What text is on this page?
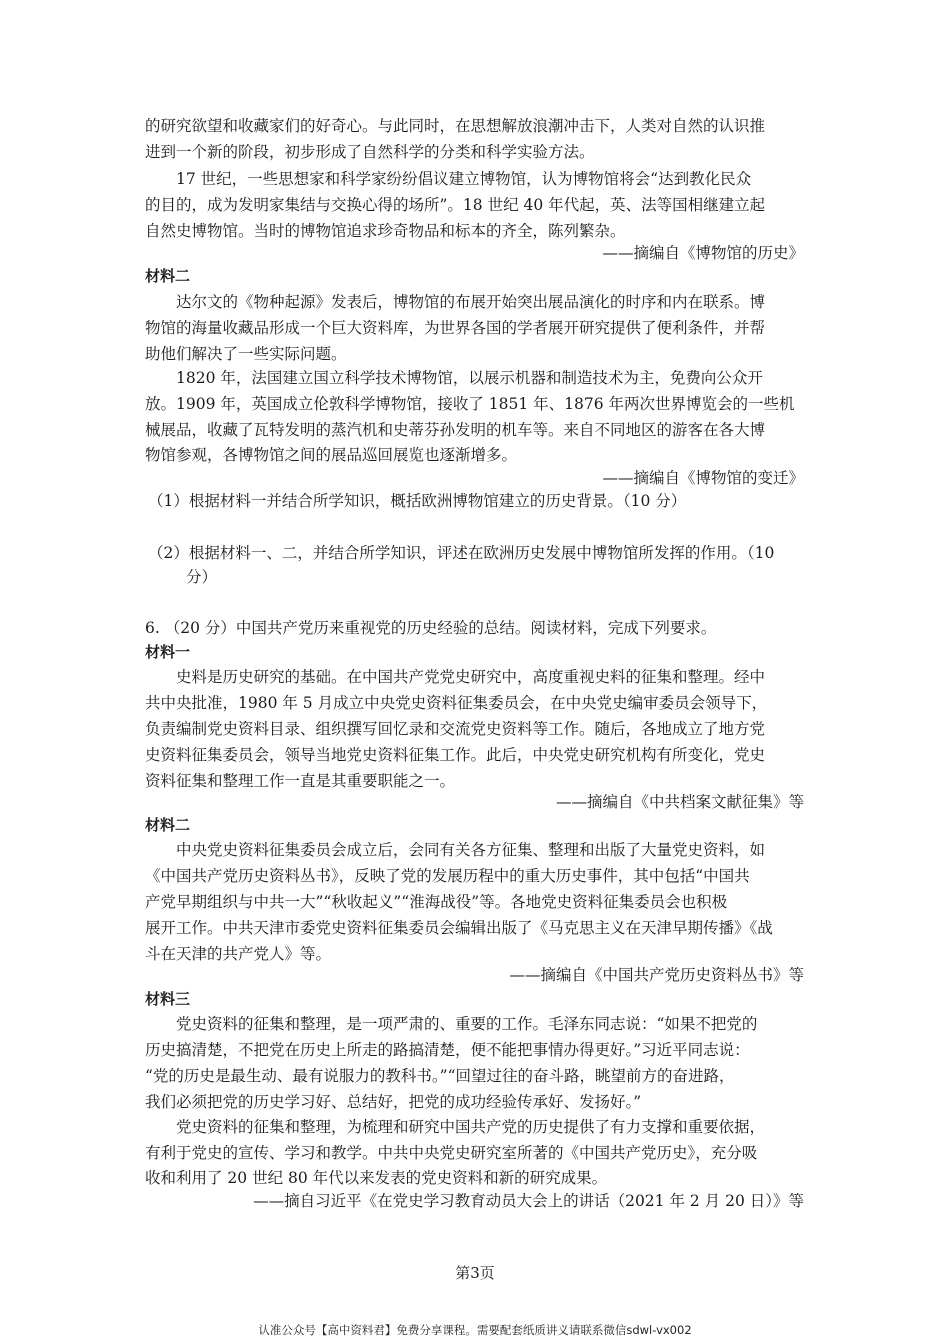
的研究欲望和收藏家们的好奇心。与此同时，在思想解放浪潮冲击下，人类对自然的认识推
进到一个新的阶段，初步形成了自然科学的分类和科学实验方法。
17 世纪，一些思想家和科学家纷纷倡议建立博物馆，认为博物馆将会“达到教化民众
的目的，成为发明家集结与交换心得的场所”。18 世纪 40 年代起，英、法等国相继建立起
自然史博物馆。当时的博物馆追求珍奇物品和标本的齐全，陈列繁杂。
——摘编自《博物馆的历史》
材料二
达尔文的《物种起源》发表后，博物馆的布展开始突出展品演化的时序和内在联系。博
物馆的海量收藏品形成一个巨大资料库，为世界各国的学者展开研究提供了便利条件，并帮
助他们解决了一些实际问题。
1820 年，法国建立国立科学技术博物馆，以展示机器和制造技术为主，免费向公众开
放。1909 年，英国成立伦敦科学博物馆，接收了 1851 年、1876 年两次世界博览会的一些机
械展品，收藏了瓦特发明的蒸汽机和史蒂芬孙发明的机车等。来自不同地区的游客在各大博
物馆参观，各博物馆之间的展品巡回展览也逐渐增多。
——摘编自《博物馆的变迁》
（1）根据材料一并结合所学知识，概括欧洲博物馆建立的历史背景。（10 分）
（2）根据材料一、二，并结合所学知识，评述在欧洲历史发展中博物馆所发挥的作用。（10
分）
6. （20 分）中国共产党历来重视党的历史经验的总结。阅读材料，完成下列要求。
材料一
史料是历史研究的基础。在中国共产党党史研究中，高度重视史料的征集和整理。经中
共中央批准，1980 年 5 月成立中央党史资料征集委员会，在中央党史编审委员会领导下，
负责编制党史资料目录、组织撰写回忆录和交流党史资料等工作。随后，各地成立了地方党
史资料征集委员会，领导当地党史资料征集工作。此后，中央党史研究机构有所变化，党史
资料征集和整理工作一直是其重要职能之一。
——摘编自《中共档案文献征集》等
材料二
中央党史资料征集委员会成立后，会同有关各方征集、整理和出版了大量党史资料，如
《中国共产党历史资料丛书》，反映了党的发展历程中的重大历史事件，其中包括“中国共
产党早期组织与中共一大”“秋收起义”“淮海战役”等。各地党史资料征集委员会也积极
展开工作。中共天津市委党史资料征集委员会编辑出版了《马克思主义在天津早期传播》《战
斗在天津的共产党人》等。
——摘编自《中国共产党历史资料丛书》等
材料三
党史资料的征集和整理，是一项严肃的、重要的工作。毛泽东同志说：“如果不把党的
历史搞清楚，不把党在历史上所走的路搞清楚，便不能把事情办得更好。”习近平同志说：
“党的历史是最生动、最有说服力的教科书。”“回望过往的奋斗路，眺望前方的奋进路，
我们必须把党的历史学习好、总结好，把党的成功经验传承好、发扬好。”
党史资料的征集和整理，为梳理和研究中国共产党的历史提供了有力支撑和重要依据，
有利于党史的宣传、学习和教学。中共中央党史研究室所著的《中国共产党历史》，充分吸
收和利用了 20 世纪 80 年代以来发表的党史资料和新的研究成果。
——摘自习近平《在党史学习教育动员大会上的讲话（2021 年 2 月 20 日）》等
第3页
认准公众号【高中资料君】免费分享课程。需要配套纸质讲义请联系微信sdwl-vx002
